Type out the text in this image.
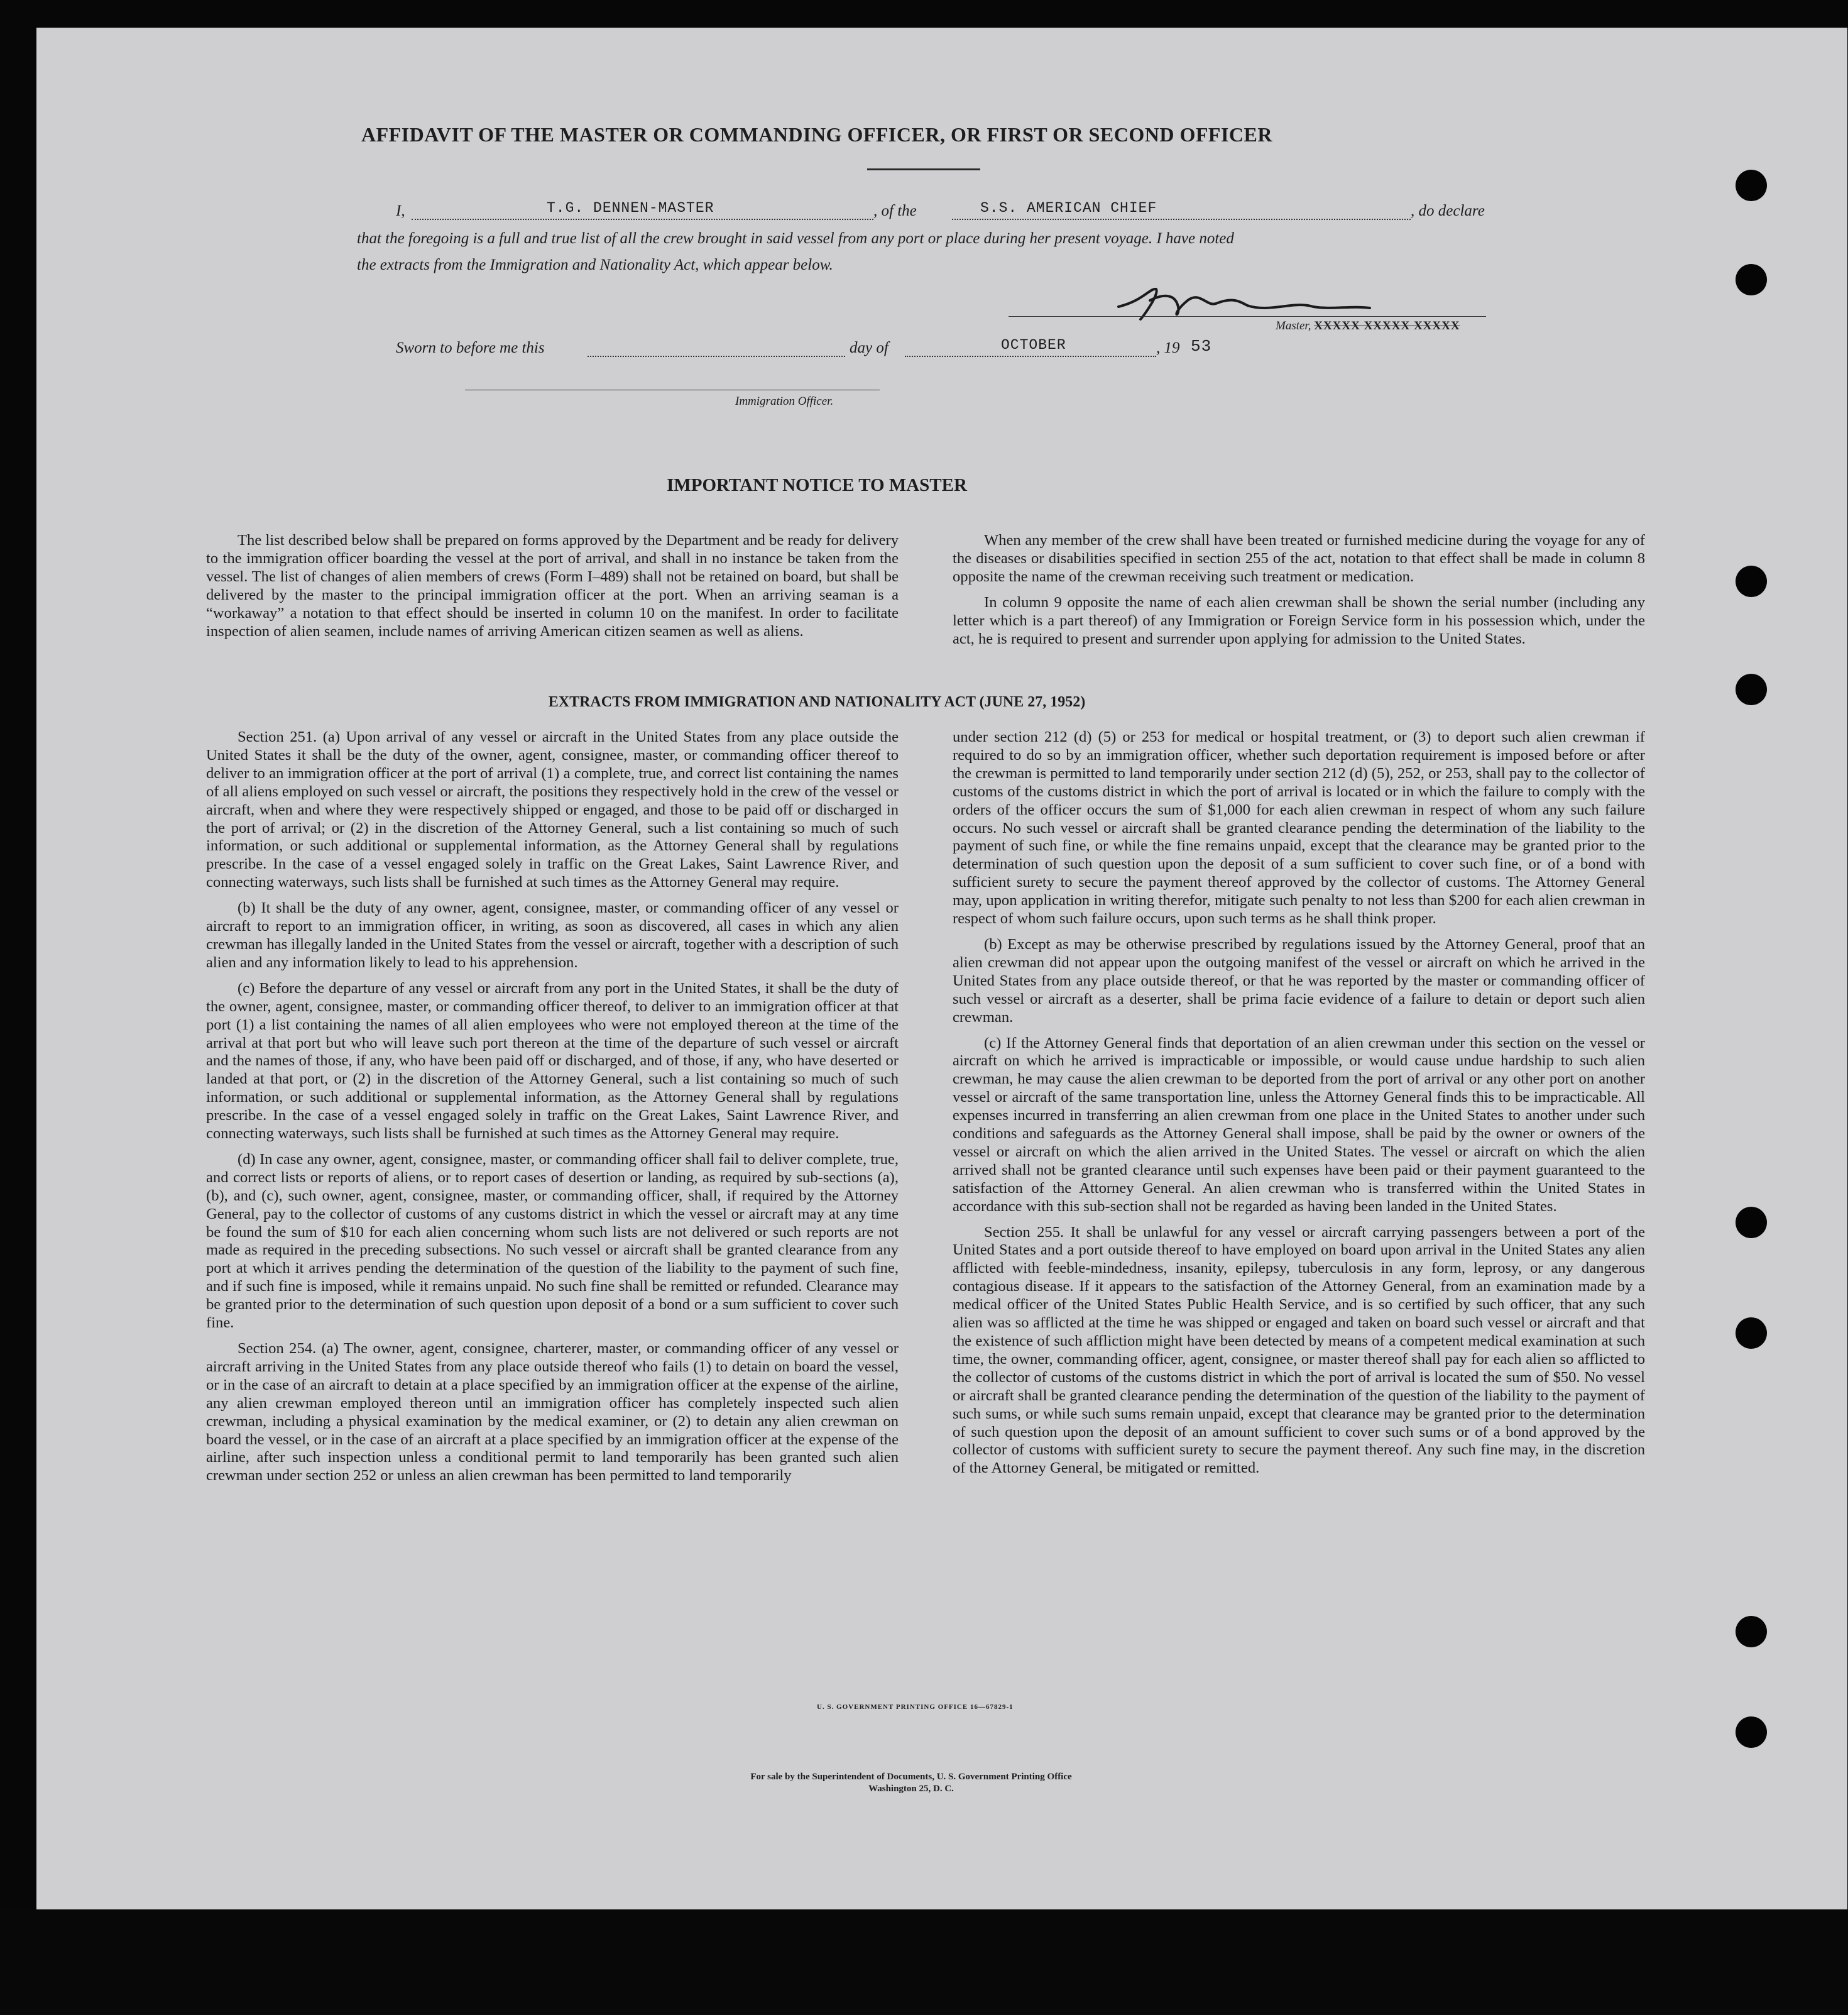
AFFIDAVIT OF THE MASTER OR COMMANDING OFFICER, OR FIRST OR SECOND OFFICER
I,	T.G. DENNEN-MASTER	, of the	S.S. AMERICAN CHIEF	, do declare
that the foregoing is a full and true list of all the crew brought in said vessel from any port or place during her present voyage. I have noted
the extracts from the Immigration and Nationality Act, which appear below.
Master, XXXXX XXXXX XXXXX
Sworn to before me this	day of	OCTOBER	, 19 53
Immigration Officer.
IMPORTANT NOTICE TO MASTER

The list described below shall be prepared on forms approved by the Department and be ready for delivery to the immigration officer boarding the vessel at the port of arrival, and shall in no instance be taken from the vessel. The list of changes of alien members of crews (Form I–489) shall not be retained on board, but shall be delivered by the master to the principal immigration officer at the port. When an arriving seaman is a “workaway” a notation to that effect should be inserted in column 10 on the manifest. In order to facilitate inspection of alien seamen, include names of arriving American citizen seamen as well as aliens.

When any member of the crew shall have been treated or furnished medicine during the voyage for any of the diseases or disabilities specified in section 255 of the act, notation to that effect shall be made in column 8 opposite the name of the crewman receiving such treatment or medication.

In column 9 opposite the name of each alien crewman shall be shown the serial number (including any letter which is a part thereof) of any Immigration or Foreign Service form in his possession which, under the act, he is required to present and surrender upon applying for admission to the United States.

EXTRACTS FROM IMMIGRATION AND NATIONALITY ACT (JUNE 27, 1952)

Section 251. (a) Upon arrival of any vessel or aircraft in the United States from any place outside the United States it shall be the duty of the owner, agent, consignee, master, or commanding officer thereof to deliver to an immigration officer at the port of arrival (1) a complete, true, and correct list containing the names of all aliens employed on such vessel or aircraft, the positions they respectively hold in the crew of the vessel or aircraft, when and where they were respectively shipped or engaged, and those to be paid off or discharged in the port of arrival; or (2) in the discretion of the Attorney General, such a list containing so much of such information, or such additional or supplemental information, as the Attorney General shall by regulations prescribe. In the case of a vessel engaged solely in traffic on the Great Lakes, Saint Lawrence River, and connecting waterways, such lists shall be furnished at such times as the Attorney General may require.

(b) It shall be the duty of any owner, agent, consignee, master, or commanding officer of any vessel or aircraft to report to an immigration officer, in writing, as soon as discovered, all cases in which any alien crewman has illegally landed in the United States from the vessel or aircraft, together with a description of such alien and any information likely to lead to his apprehension.

(c) Before the departure of any vessel or aircraft from any port in the United States, it shall be the duty of the owner, agent, consignee, master, or commanding officer thereof, to deliver to an immigration officer at that port (1) a list containing the names of all alien employees who were not employed thereon at the time of the arrival at that port but who will leave such port thereon at the time of the departure of such vessel or aircraft and the names of those, if any, who have been paid off or discharged, and of those, if any, who have deserted or landed at that port, or (2) in the discretion of the Attorney General, such a list containing so much of such information, or such additional or supplemental information, as the Attorney General shall by regulations prescribe. In the case of a vessel engaged solely in traffic on the Great Lakes, Saint Lawrence River, and connecting waterways, such lists shall be furnished at such times as the Attorney General may require.

(d) In case any owner, agent, consignee, master, or commanding officer shall fail to deliver complete, true, and correct lists or reports of aliens, or to report cases of desertion or landing, as required by sub-sections (a), (b), and (c), such owner, agent, consignee, master, or commanding officer, shall, if required by the Attorney General, pay to the collector of customs of any customs district in which the vessel or aircraft may at any time be found the sum of $10 for each alien concerning whom such lists are not delivered or such reports are not made as required in the preceding subsections. No such vessel or aircraft shall be granted clearance from any port at which it arrives pending the determination of the question of the liability to the payment of such fine, and if such fine is imposed, while it remains unpaid. No such fine shall be remitted or refunded. Clearance may be granted prior to the determination of such question upon deposit of a bond or a sum sufficient to cover such fine.

Section 254. (a) The owner, agent, consignee, charterer, master, or commanding officer of any vessel or aircraft arriving in the United States from any place outside thereof who fails (1) to detain on board the vessel, or in the case of an aircraft to detain at a place specified by an immigration officer at the expense of the airline, any alien crewman employed thereon until an immigration officer has completely inspected such alien crewman, including a physical examination by the medical examiner, or (2) to detain any alien crewman on board the vessel, or in the case of an aircraft at a place specified by an immigration officer at the expense of the airline, after such inspection unless a conditional permit to land temporarily has been granted such alien crewman under section 252 or unless an alien crewman has been permitted to land temporarily

under section 212 (d) (5) or 253 for medical or hospital treatment, or (3) to deport such alien crewman if required to do so by an immigration officer, whether such deportation requirement is imposed before or after the crewman is permitted to land temporarily under section 212 (d) (5), 252, or 253, shall pay to the collector of customs of the customs district in which the port of arrival is located or in which the failure to comply with the orders of the officer occurs the sum of $1,000 for each alien crewman in respect of whom any such failure occurs. No such vessel or aircraft shall be granted clearance pending the determination of the liability to the payment of such fine, or while the fine remains unpaid, except that the clearance may be granted prior to the determination of such question upon the deposit of a sum sufficient to cover such fine, or of a bond with sufficient surety to secure the payment thereof approved by the collector of customs. The Attorney General may, upon application in writing therefor, mitigate such penalty to not less than $200 for each alien crewman in respect of whom such failure occurs, upon such terms as he shall think proper.

(b) Except as may be otherwise prescribed by regulations issued by the Attorney General, proof that an alien crewman did not appear upon the outgoing manifest of the vessel or aircraft on which he arrived in the United States from any place outside thereof, or that he was reported by the master or commanding officer of such vessel or aircraft as a deserter, shall be prima facie evidence of a failure to detain or deport such alien crewman.

(c) If the Attorney General finds that deportation of an alien crewman under this section on the vessel or aircraft on which he arrived is impracticable or impossible, or would cause undue hardship to such alien crewman, he may cause the alien crewman to be deported from the port of arrival or any other port on another vessel or aircraft of the same transportation line, unless the Attorney General finds this to be impracticable. All expenses incurred in transferring an alien crewman from one place in the United States to another under such conditions and safeguards as the Attorney General shall impose, shall be paid by the owner or owners of the vessel or aircraft on which the alien arrived in the United States. The vessel or aircraft on which the alien arrived shall not be granted clearance until such expenses have been paid or their payment guaranteed to the satisfaction of the Attorney General. An alien crewman who is transferred within the United States in accordance with this sub-section shall not be regarded as having been landed in the United States.

Section 255. It shall be unlawful for any vessel or aircraft carrying passengers between a port of the United States and a port outside thereof to have employed on board upon arrival in the United States any alien afflicted with feeble-mindedness, insanity, epilepsy, tuberculosis in any form, leprosy, or any dangerous contagious disease. If it appears to the satisfaction of the Attorney General, from an examination made by a medical officer of the United States Public Health Service, and is so certified by such officer, that any such alien was so afflicted at the time he was shipped or engaged and taken on board such vessel or aircraft and that the existence of such affliction might have been detected by means of a competent medical examination at such time, the owner, commanding officer, agent, consignee, or master thereof shall pay for each alien so afflicted to the collector of customs of the customs district in which the port of arrival is located the sum of $50. No vessel or aircraft shall be granted clearance pending the determination of the question of the liability to the payment of such sums, or while such sums remain unpaid, except that clearance may be granted prior to the determination of such question upon the deposit of an amount sufficient to cover such sums or of a bond approved by the collector of customs with sufficient surety to secure the payment thereof. Any such fine may, in the discretion of the Attorney General, be mitigated or remitted.

U. S. GOVERNMENT PRINTING OFFICE 16—67829-1
For sale by the Superintendent of Documents, U. S. Government Printing Office
Washington 25, D. C.
